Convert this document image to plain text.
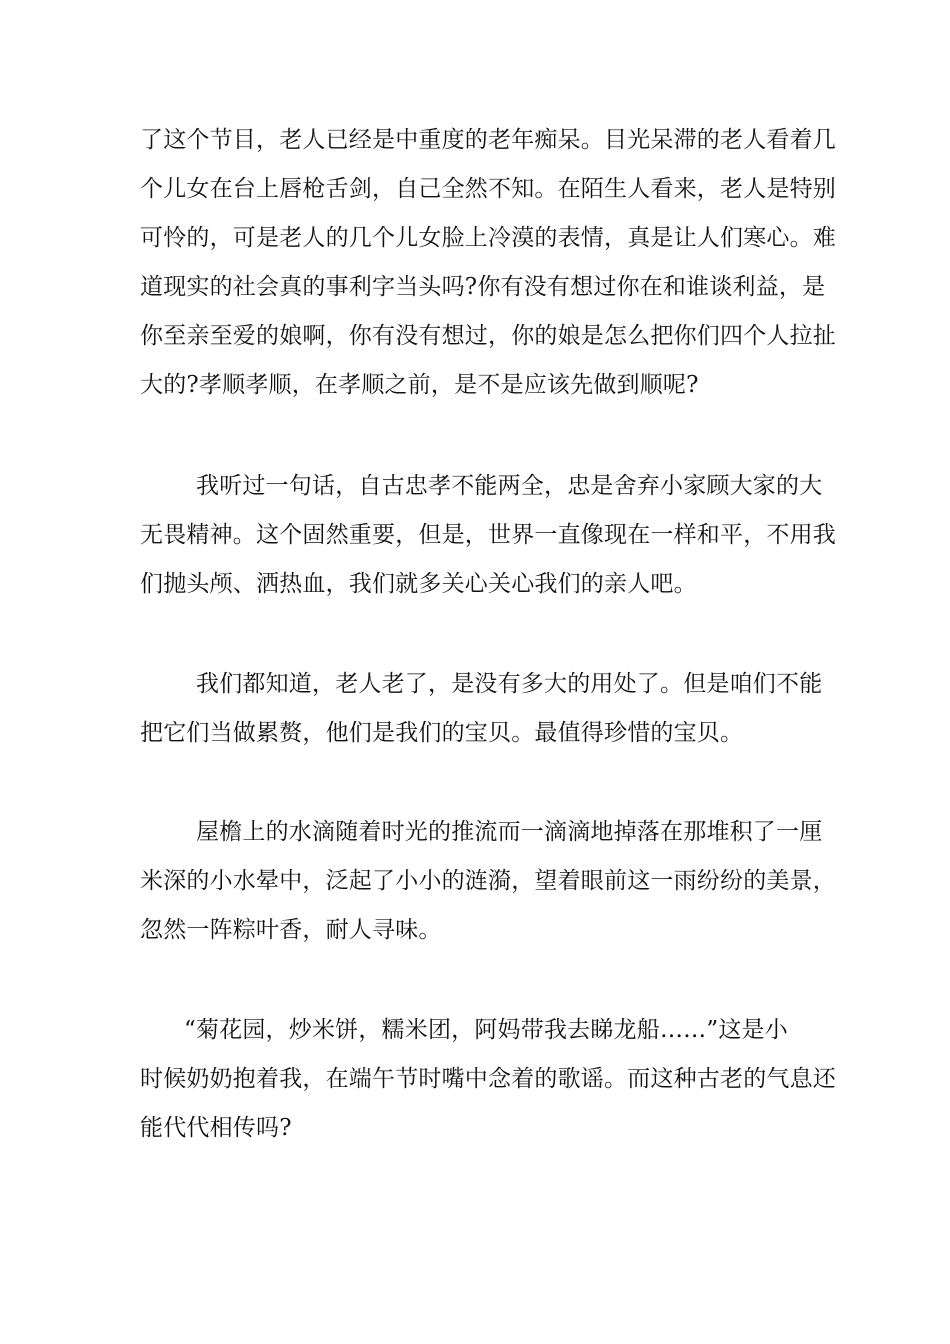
了这个节目，老人已经是中重度的老年痴呆。目光呆滞的老人看着几
个儿女在台上唇枪舌剑，自己全然不知。在陌生人看来，老人是特别
可怜的，可是老人的几个儿女脸上冷漠的表情，真是让人们寒心。难
道现实的社会真的事利字当头吗?你有没有想过你在和谁谈利益，是
你至亲至爱的娘啊，你有没有想过，你的娘是怎么把你们四个人拉扯
大的?孝顺孝顺，在孝顺之前，是不是应该先做到顺呢?
我听过一句话，自古忠孝不能两全，忠是舍弃小家顾大家的大
无畏精神。这个固然重要，但是，世界一直像现在一样和平，不用我
们抛头颅、洒热血，我们就多关心关心我们的亲人吧。
我们都知道，老人老了，是没有多大的用处了。但是咱们不能
把它们当做累赘，他们是我们的宝贝。最值得珍惜的宝贝。
屋檐上的水滴随着时光的推流而一滴滴地掉落在那堆积了一厘
米深的小水晕中，泛起了小小的涟漪，望着眼前这一雨纷纷的美景，
忽然一阵粽叶香，耐人寻味。
“菊花园，炒米饼，糯米团，阿妈带我去睇龙船……”这是小
时候奶奶抱着我，在端午节时嘴中念着的歌谣。而这种古老的气息还
能代代相传吗?
